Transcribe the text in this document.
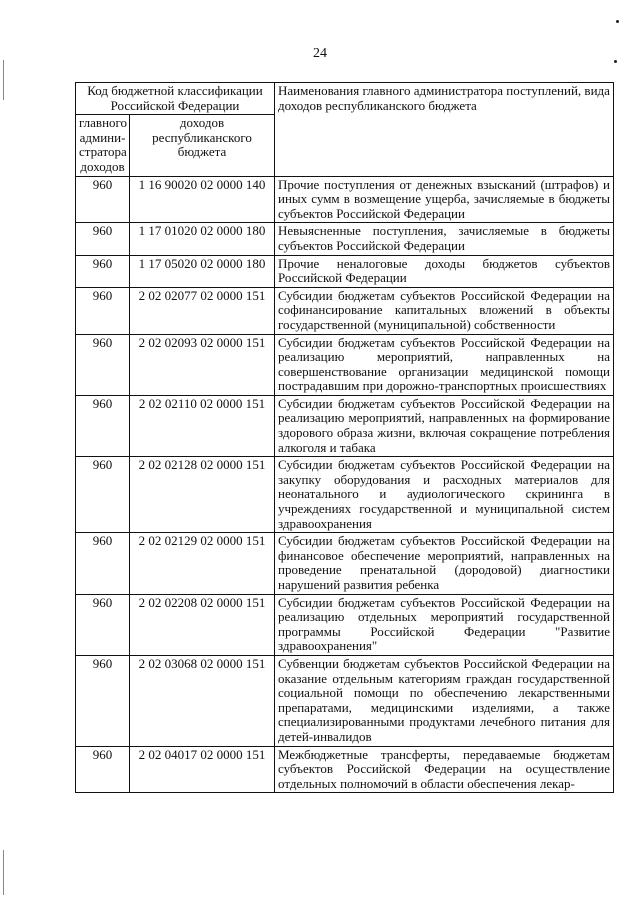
24
Код бюджетной классификации Российской Федерации		Наименования главного администратора поступлений, вида доходов республиканского бюджета
главного админи-стратора доходов	доходов республиканского бюджета	
960	1 16 90020 02 0000 140	Прочие поступления от денежных взысканий (штрафов) и иных сумм в возмещение ущерба, зачисляемые в бюджеты субъектов Российской Федерации
960	1 17 01020 02 0000 180	Невыясненные поступления, зачисляемые в бюджеты субъектов Российской Федерации
960	1 17 05020 02 0000 180	Прочие неналоговые доходы бюджетов субъектов Российской Федерации
960	2 02 02077 02 0000 151	Субсидии бюджетам субъектов Российской Федерации на софинансирование капитальных вложений в объекты государственной (муниципальной) собственности
960	2 02 02093 02 0000 151	Субсидии бюджетам субъектов Российской Федерации на реализацию мероприятий, направленных на совершенствование организации медицинской помощи пострадавшим при дорожно-транспортных происшествиях
960	2 02 02110 02 0000 151	Субсидии бюджетам субъектов Российской Федерации на реализацию мероприятий, направленных на формирование здорового образа жизни, включая сокращение потребления алкоголя и табака
960	2 02 02128 02 0000 151	Субсидии бюджетам субъектов Российской Федерации на закупку оборудования и расходных материалов для неонатального и аудиологического скрининга в учреждениях государственной и муниципальной систем здравоохранения
960	2 02 02129 02 0000 151	Субсидии бюджетам субъектов Российской Федерации на финансовое обеспечение мероприятий, направленных на проведение пренатальной (дородовой) диагностики нарушений развития ребенка
960	2 02 02208 02 0000 151	Субсидии бюджетам субъектов Российской Федерации на реализацию отдельных мероприятий государственной программы Российской Федерации "Развитие здравоохранения"
960	2 02 03068 02 0000 151	Субвенции бюджетам субъектов Российской Федерации на оказание отдельным категориям граждан государственной социальной помощи по обеспечению лекарственными препаратами, медицинскими изделиями, а также специализированными продуктами лечебного питания для детей-инвалидов
960	2 02 04017 02 0000 151	Межбюджетные трансферты, передаваемые бюджетам субъектов Российской Федерации на осуществление отдельных полномочий в области обеспечения лекар-
